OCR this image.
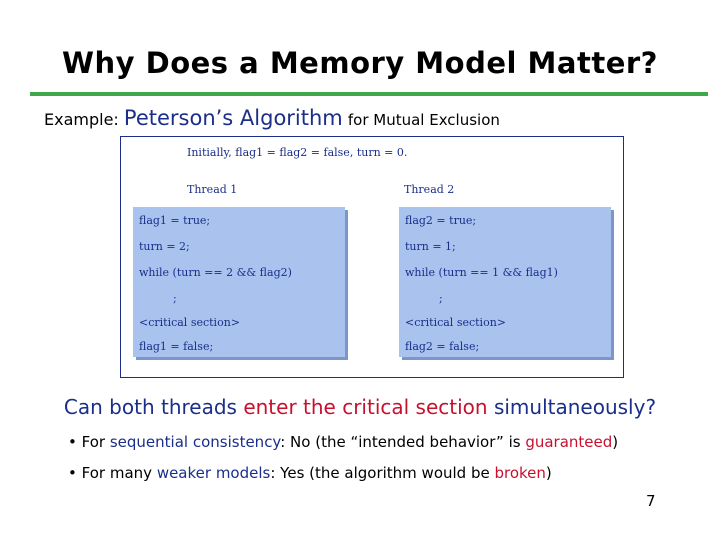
Why Does a Memory Model Matter?
Example: Peterson’s Algorithm for Mutual Exclusion
Initially, flag1 = flag2 = false, turn = 0.
Thread 1	Thread 2
flag1 = true;
turn = 2;
while (turn == 2 && flag2)
;
<critical section>
flag1 = false;
flag2 = true;
turn = 1;
while (turn == 1 && flag1)
;
<critical section>
flag2 = false;
Can both threads enter the critical section simultaneously?
• For sequential consistency: No (the “intended behavior” is guaranteed)
• For many weaker models: Yes (the algorithm would be broken)
7
